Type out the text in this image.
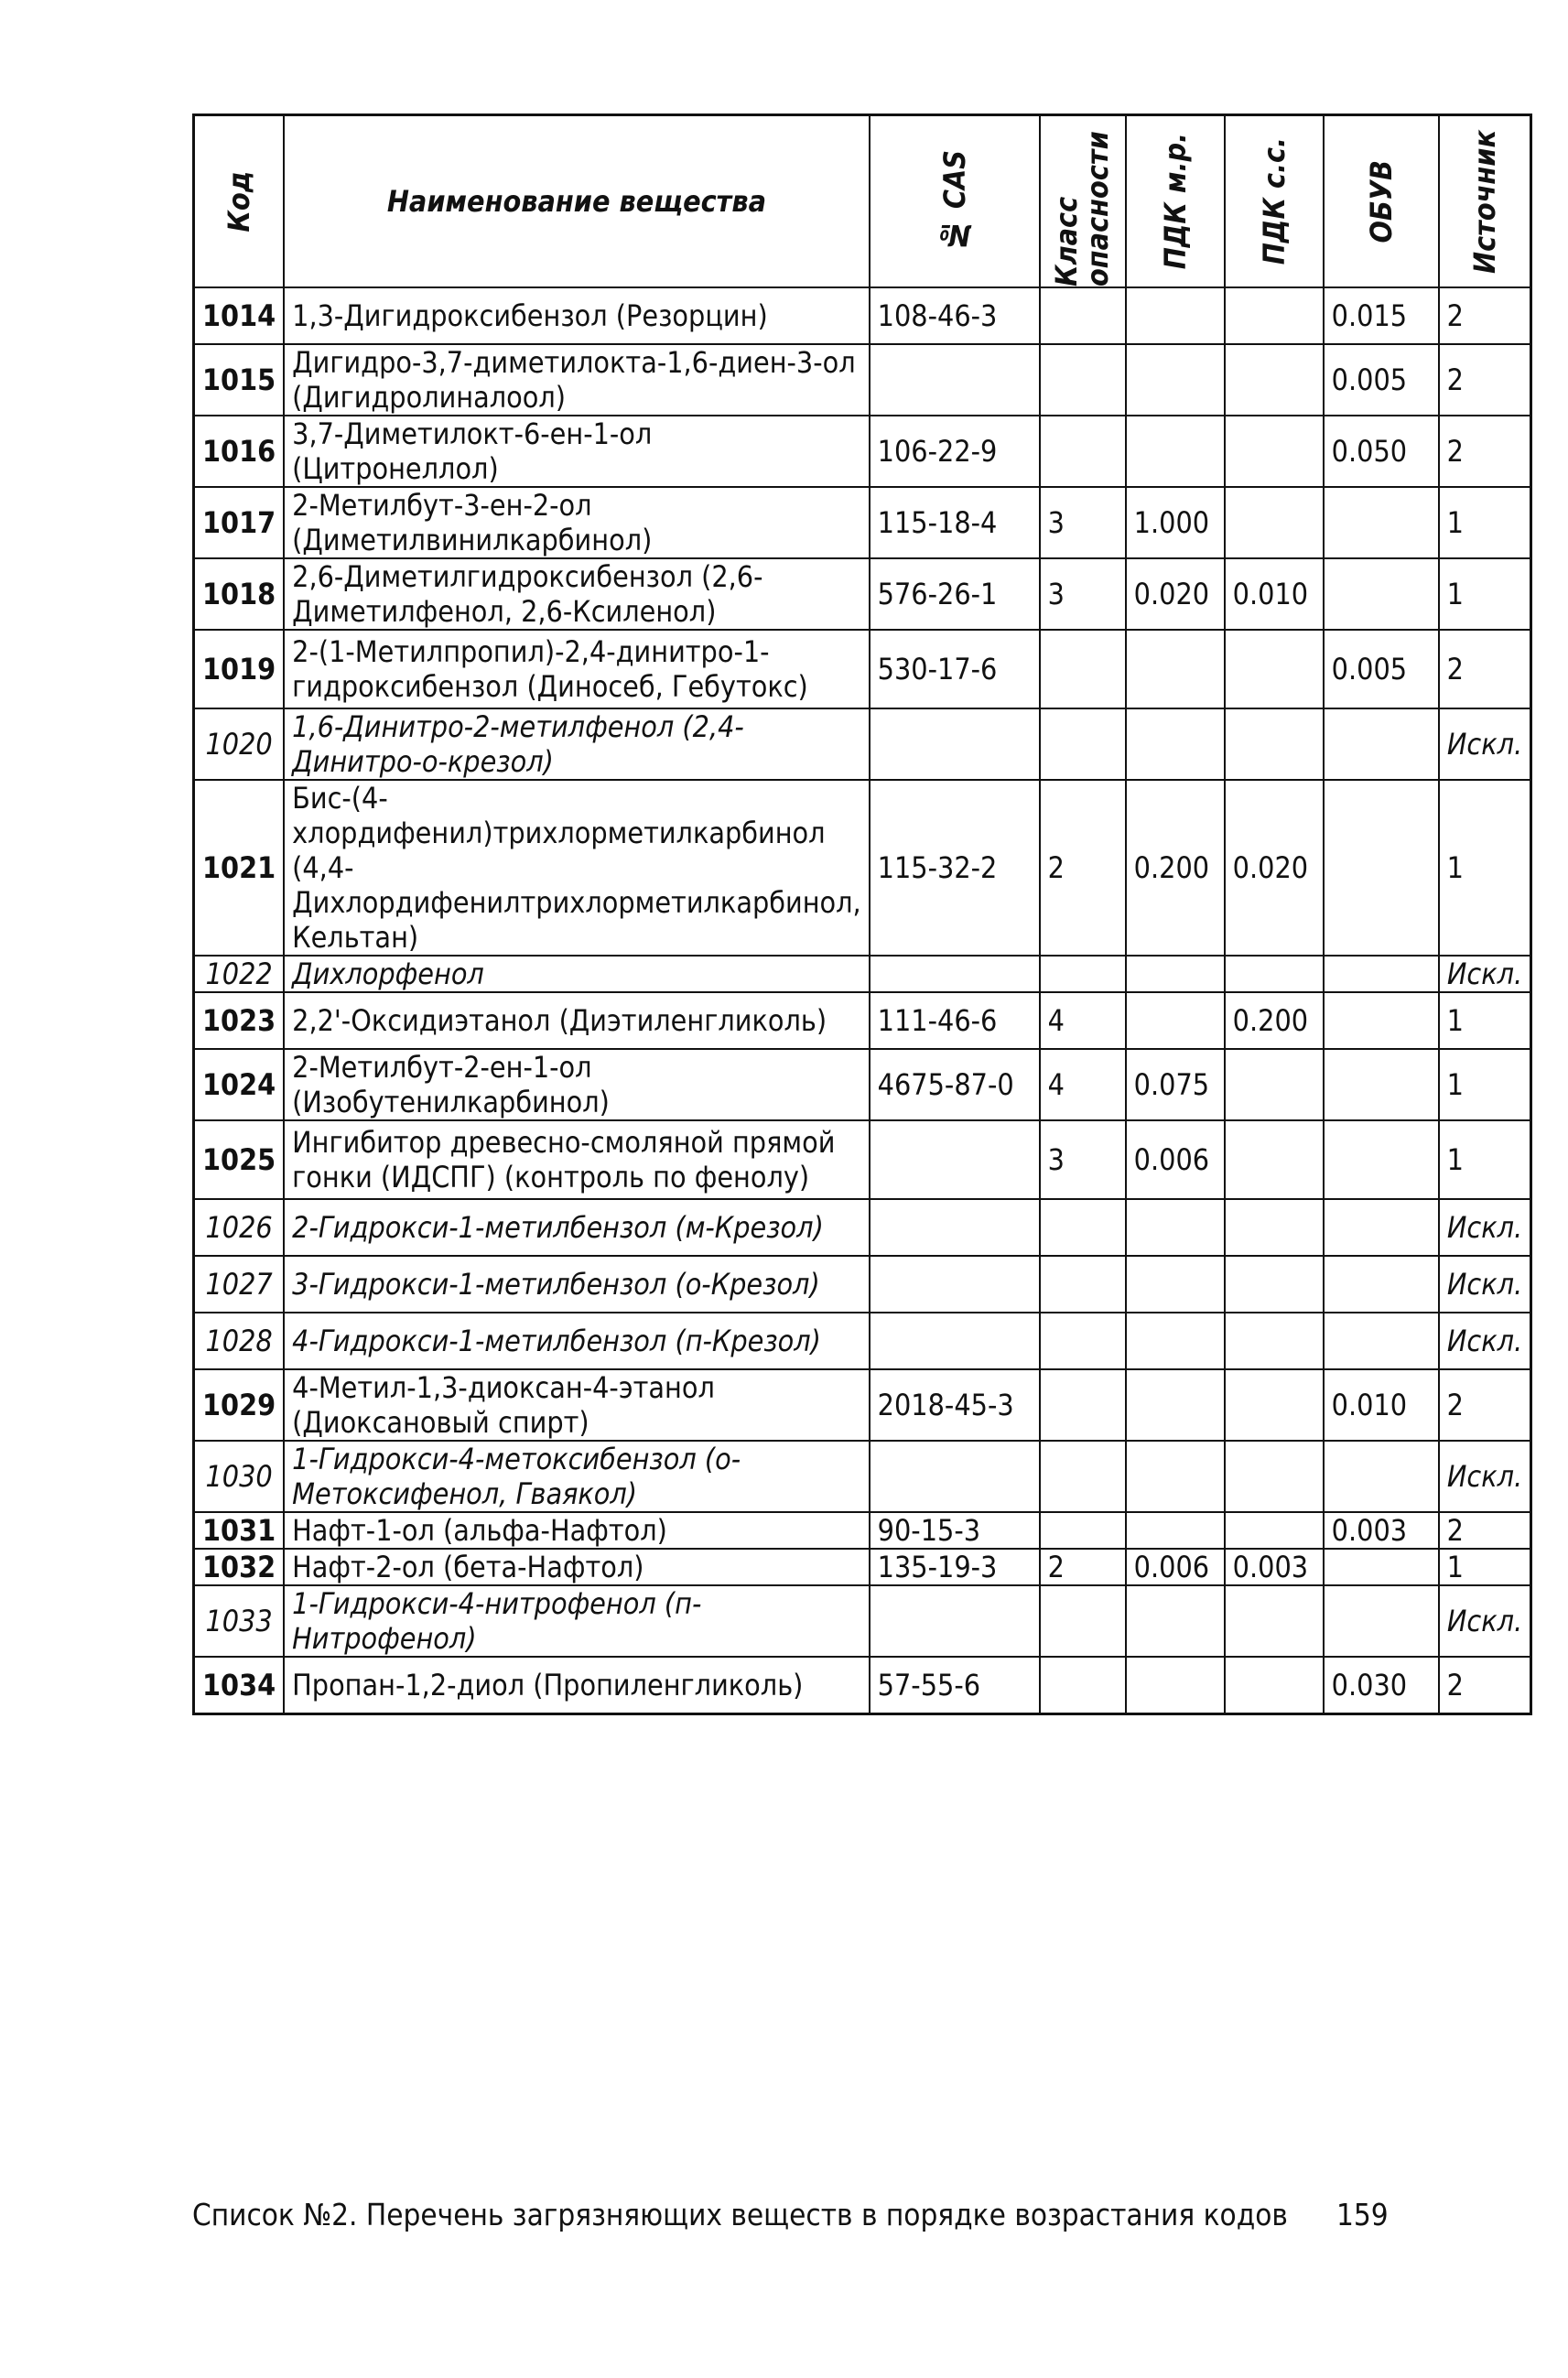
Код	Наименование вещества	№ CAS	Класс опасности	ПДК м.р.	ПДК с.с.	ОБУВ	Источник

1014	1,3-Дигидроксибензол (Резорцин)	108-46-3				0.015	2
1015	Дигидро-3,7-диметилокта-1,6-диен-3-ол (Дигидролиналоол)					0.005	2
1016	3,7-Диметилокт-6-ен-1-ол (Цитронеллол)	106-22-9				0.050	2
1017	2-Метилбут-3-ен-2-ол (Диметилвинилкарбинол)	115-18-4	3	1.000			1
1018	2,6-Диметилгидроксибензол (2,6-Диметилфенол, 2,6-Ксиленол)	576-26-1	3	0.020	0.010		1
1019	2-(1-Метилпропил)-2,4-динитро-1-гидроксибензол (Диносеб, Гебутокс)	530-17-6				0.005	2
1020	1,6-Динитро-2-метилфенол (2,4-Динитро-о-крезол)						Искл.
1021	Бис-(4-хлордифенил)трихлорметилкарбинол (4,4-Дихлордифенилтрихлорметилкарбинол, Кельтан)	115-32-2	2	0.200	0.020		1
1022	Дихлорфенол						Искл.
1023	2,2'-Оксидиэтанол (Диэтиленгликоль)	111-46-6	4		0.200		1
1024	2-Метилбут-2-ен-1-ол (Изобутенилкарбинол)	4675-87-0	4	0.075			1
1025	Ингибитор древесно-смоляной прямой гонки (ИДСПГ) (контроль по фенолу)		3	0.006			1
1026	2-Гидрокси-1-метилбензол (м-Крезол)						Искл.
1027	3-Гидрокси-1-метилбензол (о-Крезол)						Искл.
1028	4-Гидрокси-1-метилбензол (п-Крезол)						Искл.
1029	4-Метил-1,3-диоксан-4-этанол (Диоксановый спирт)	2018-45-3				0.010	2
1030	1-Гидрокси-4-метоксибензол (о-Метоксифенол, Гваякол)						Искл.
1031	Нафт-1-ол (альфа-Нафтол)	90-15-3				0.003	2
1032	Нафт-2-ол (бета-Нафтол)	135-19-3	2	0.006	0.003		1
1033	1-Гидрокси-4-нитрофенол (п-Нитрофенол)						Искл.
1034	Пропан-1,2-диол (Пропиленгликоль)	57-55-6				0.030	2
Список №2. Перечень загрязняющих веществ в порядке возрастания кодов 159
